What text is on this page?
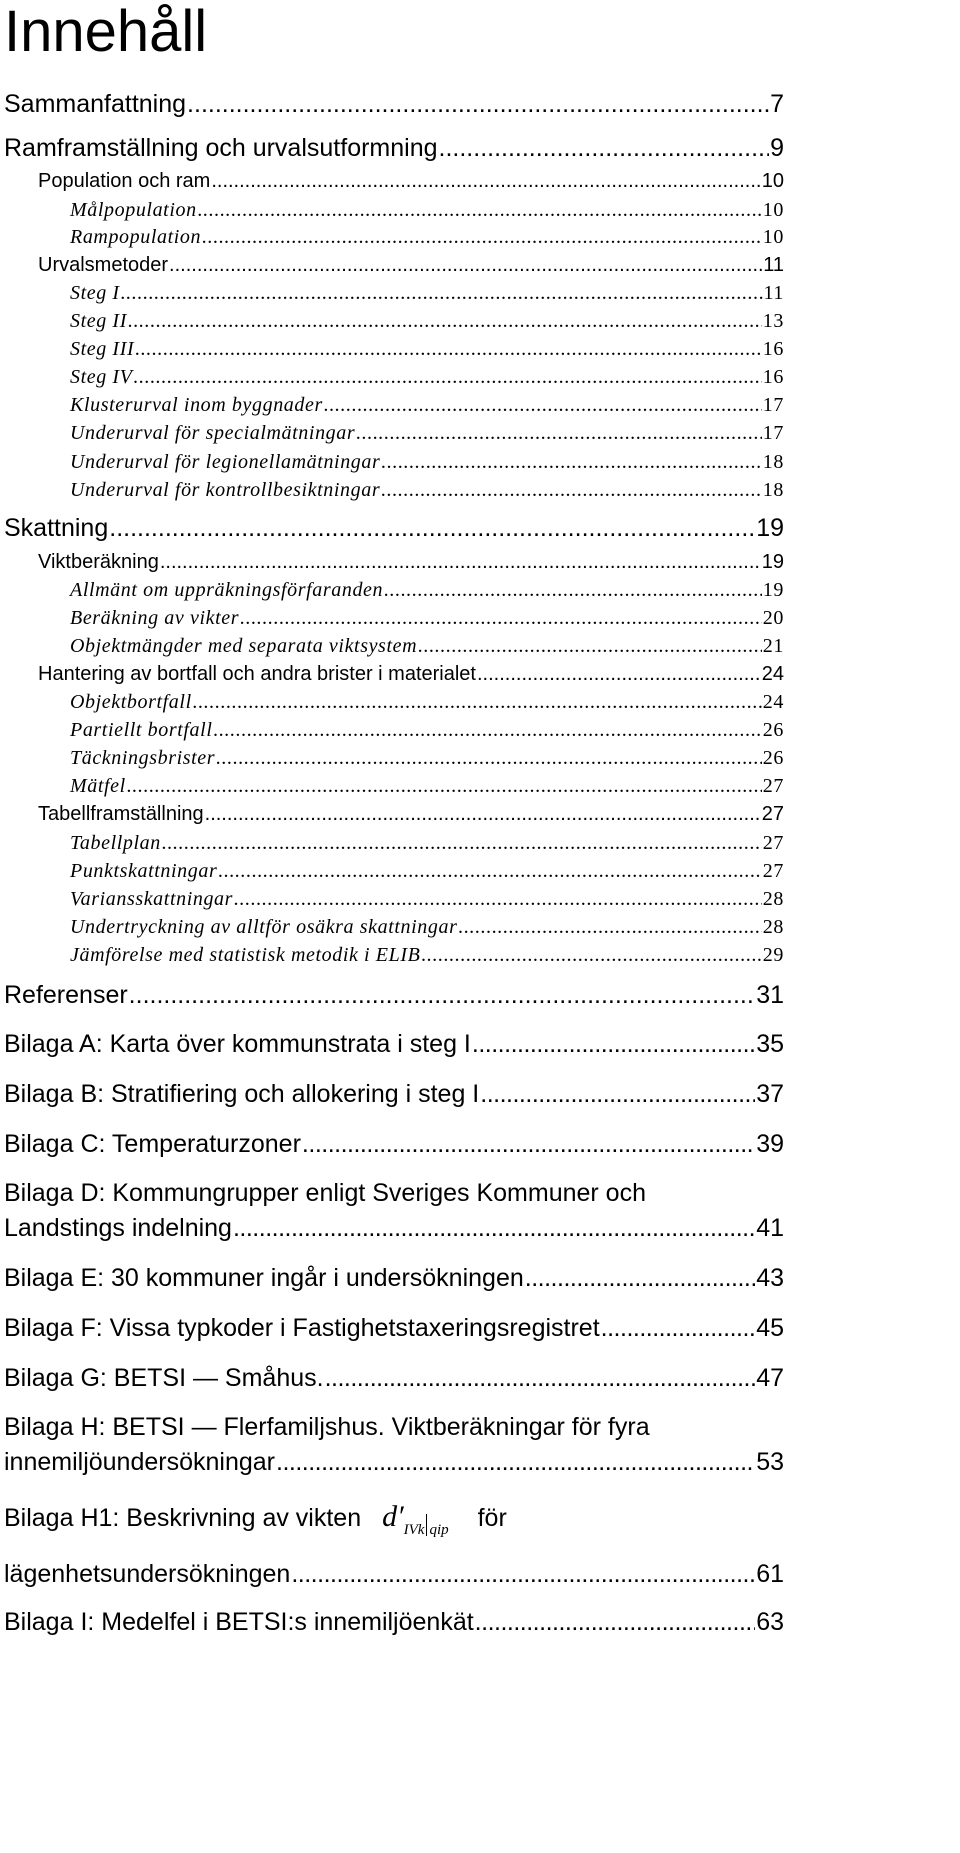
Innehåll
Sammanfattning .....	7
Ramframställning och urvalsutformning .....	9
Population och ram .....	10
Målpopulation .....	10
Rampopulation .....	10
Urvalsmetoder .....	11
Steg I .....	11
Steg II .....	13
Steg III .....	16
Steg IV .....	16
Klusterurval inom byggnader .....	17
Underurval för specialmätningar .....	17
Underurval för legionellamätningar .....	18
Underurval för kontrollbesiktningar .....	18
Skattning .....	19
Viktberäkning .....	19
Allmänt om uppräkningsförfaranden .....	19
Beräkning av vikter .....	20
Objektmängder med separata viktsystem .....	21
Hantering av bortfall och andra brister i materialet .....	24
Objektbortfall .....	24
Partiellt bortfall .....	26
Täckningsbrister .....	26
Mätfel .....	27
Tabellframställning .....	27
Tabellplan .....	27
Punktskattningar .....	27
Variansskattningar .....	28
Undertryckning av alltför osäkra skattningar .....	28
Jämförelse med statistisk metodik i ELIB .....	29
Referenser .....	31
Bilaga A: Karta över kommunstrata i steg I .....	35
Bilaga B: Stratifiering och allokering i steg I .....	37
Bilaga C: Temperaturzoner .....	39
Bilaga D: Kommungrupper enligt Sveriges Kommuner och
Landstings indelning .....	41
Bilaga E: 30 kommuner ingår i undersökningen .....	43
Bilaga F: Vissa typkoder i Fastighetstaxeringsregistret .....	45
Bilaga G: BETSI — Småhus. .....	47
Bilaga H: BETSI — Flerfamiljshus. Viktberäkningar för fyra
innemiljöundersökningar .....	53
Bilaga H1: Beskrivning av vikten $d'_{IVk}$ $_{qip}$ för
lägenhetsundersökningen .....	61
Bilaga I: Medelfel i BETSI:s innemiljöenkät .....	63
